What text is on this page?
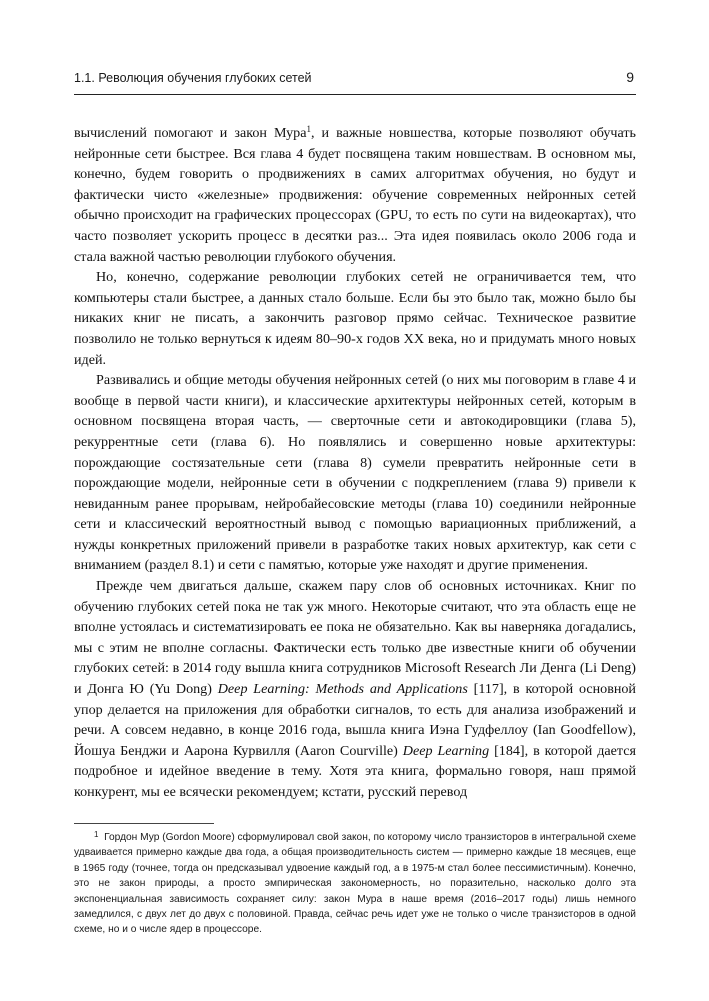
1.1. Революция обучения глубоких сетей	9

вычислений помогают и закон Мура$^1$, и важные новшества, которые позволяют обучать нейронные сети быстрее. Вся глава 4 будет посвящена таким новшествам. В основном мы, конечно, будем говорить о продвижениях в самих алгоритмах обучения, но будут и фактически чисто «железные» продвижения: обучение современных нейронных сетей обычно происходит на графических процессорах (GPU, то есть по сути на видеокартах), что часто позволяет ускорить процесс в десятки раз... Эта идея появилась около 2006 года и стала важной частью революции глубокого обучения.

Но, конечно, содержание революции глубоких сетей не ограничивается тем, что компьютеры стали быстрее, а данных стало больше. Если бы это было так, можно было бы никаких книг не писать, а закончить разговор прямо сейчас. Техническое развитие позволило не только вернуться к идеям 80–90-х годов XX века, но и придумать много новых идей.

Развивались и общие методы обучения нейронных сетей (о них мы поговорим в главе 4 и вообще в первой части книги), и классические архитектуры нейронных сетей, которым в основном посвящена вторая часть, — сверточные сети и автокодировщики (глава 5), рекуррентные сети (глава 6). Но появлялись и совершенно новые архитектуры: порождающие состязательные сети (глава 8) сумели превратить нейронные сети в порождающие модели, нейронные сети в обучении с подкреплением (глава 9) привели к невиданным ранее прорывам, нейробайесовские методы (глава 10) соединили нейронные сети и классический вероятностный вывод с помощью вариационных приближений, а нужды конкретных приложений привели в разработке таких новых архитектур, как сети с вниманием (раздел 8.1) и сети с памятью, которые уже находят и другие применения.

Прежде чем двигаться дальше, скажем пару слов об основных источниках. Книг по обучению глубоких сетей пока не так уж много. Некоторые считают, что эта область еще не вполне устоялась и систематизировать ее пока не обязательно. Как вы наверняка догадались, мы с этим не вполне согласны. Фактически есть только две известные книги об обучении глубоких сетей: в 2014 году вышла книга сотрудников Microsoft Research Ли Денга (Li Deng) и Донга Ю (Yu Dong) Deep Learning: Methods and Applications [117], в которой основной упор делается на приложения для обработки сигналов, то есть для анализа изображений и речи. А совсем недавно, в конце 2016 года, вышла книга Иэна Гудфеллоу (Ian Goodfellow), Йошуа Бенджи и Аарона Курвилля (Aaron Courville) Deep Learning [184], в которой дается подробное и идейное введение в тему. Хотя эта книга, формально говоря, наш прямой конкурент, мы ее всячески рекомендуем; кстати, русский перевод

$^1$ Гордон Мур (Gordon Moore) сформулировал свой закон, по которому число транзисторов в интегральной схеме удваивается примерно каждые два года, а общая производительность систем — примерно каждые 18 месяцев, еще в 1965 году (точнее, тогда он предсказывал удвоение каждый год, а в 1975-м стал более пессимистичным). Конечно, это не закон природы, а просто эмпирическая закономерность, но поразительно, насколько долго эта экспоненциальная зависимость сохраняет силу: закон Мура в наше время (2016–2017 годы) лишь немного замедлился, с двух лет до двух с половиной. Правда, сейчас речь идет уже не только о числе транзисторов в одной схеме, но и о числе ядер в процессоре.
